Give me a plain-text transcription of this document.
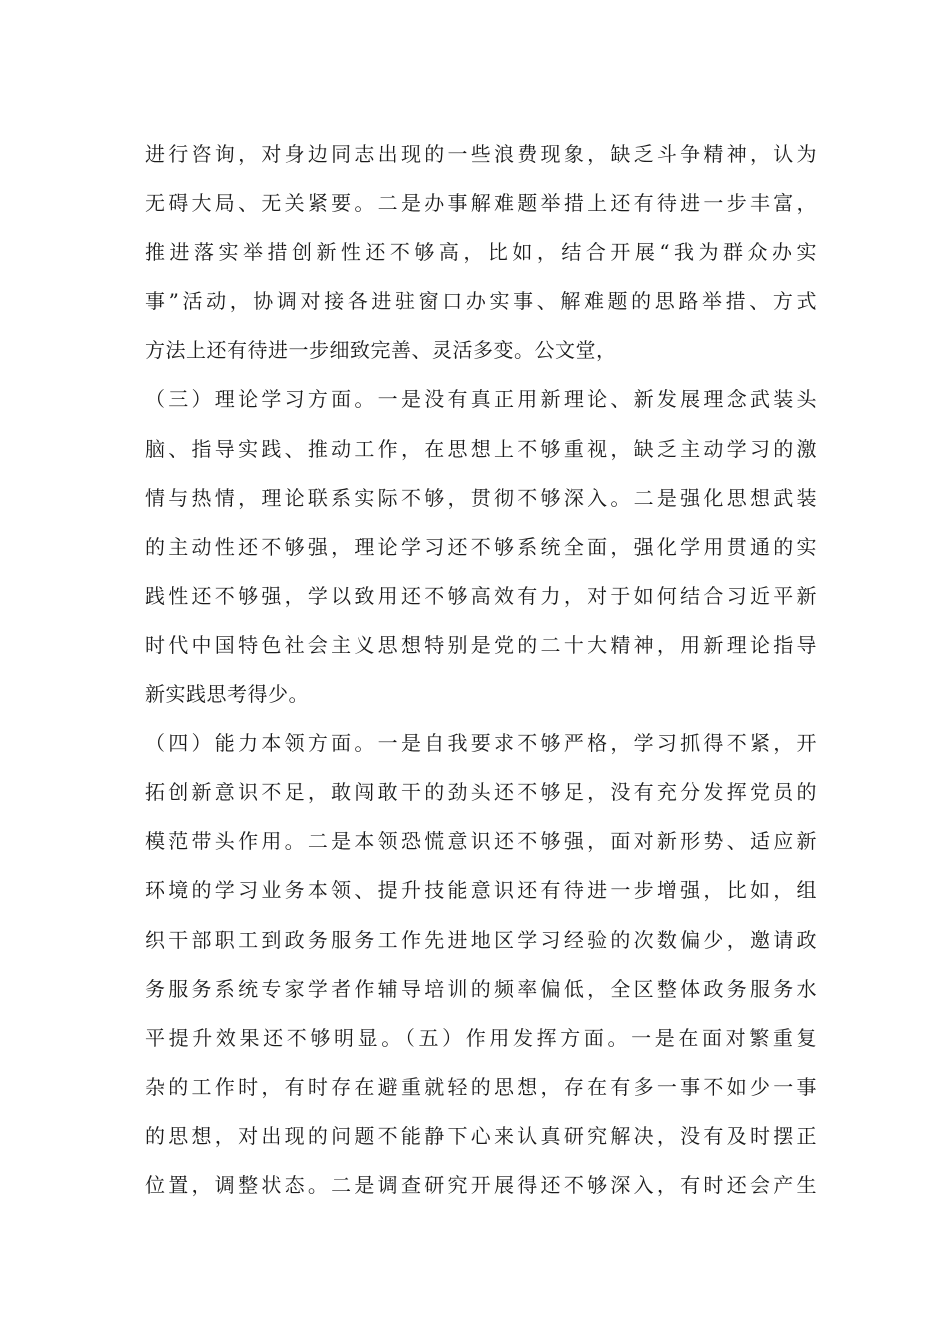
进行咨询，对身边同志出现的一些浪费现象，缺乏斗争精神，认为
无碍大局、无关紧要。二是办事解难题举措上还有待进一步丰富，
推进落实举措创新性还不够高，比如，结合开展“我为群众办实
事”活动，协调对接各进驻窗口办实事、解难题的思路举措、方式
方法上还有待进一步细致完善、灵活多变。公文堂，
（三）理论学习方面。一是没有真正用新理论、新发展理念武装头
脑、指导实践、推动工作，在思想上不够重视，缺乏主动学习的激
情与热情，理论联系实际不够，贯彻不够深入。二是强化思想武装
的主动性还不够强，理论学习还不够系统全面，强化学用贯通的实
践性还不够强，学以致用还不够高效有力，对于如何结合习近平新
时代中国特色社会主义思想特别是党的二十大精神，用新理论指导
新实践思考得少。
（四）能力本领方面。一是自我要求不够严格，学习抓得不紧，开
拓创新意识不足，敢闯敢干的劲头还不够足，没有充分发挥党员的
模范带头作用。二是本领恐慌意识还不够强，面对新形势、适应新
环境的学习业务本领、提升技能意识还有待进一步增强，比如，组
织干部职工到政务服务工作先进地区学习经验的次数偏少，邀请政
务服务系统专家学者作辅导培训的频率偏低，全区整体政务服务水
平提升效果还不够明显。（五）作用发挥方面。一是在面对繁重复
杂的工作时，有时存在避重就轻的思想，存在有多一事不如少一事
的思想，对出现的问题不能静下心来认真研究解决，没有及时摆正
位置，调整状态。二是调查研究开展得还不够深入，有时还会产生
